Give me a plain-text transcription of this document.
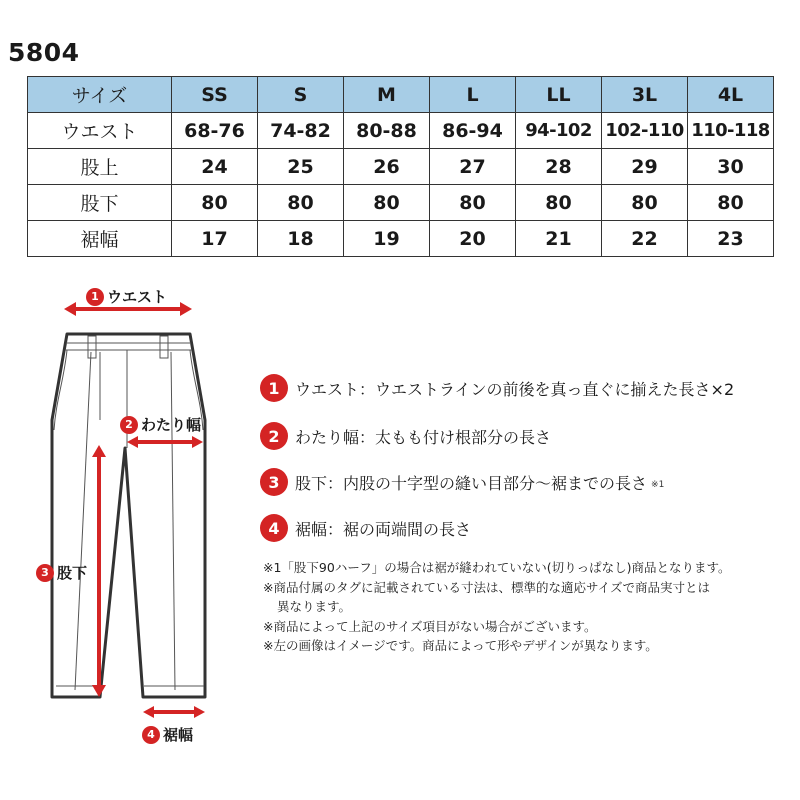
5804
サイズ	SS	S	M	L	LL	3L	4L
ウエスト	68-76	74-82	80-88	86-94	94-102	102-110	110-118
股上	24	25	26	27	28	29	30
股下	80	80	80	80	80	80	80
裾幅	17	18	19	20	21	22	23
1 ウエスト
2 わたり幅
3 股下
4 裾幅
1 ウエスト ：ウエストラインの前後を真っ直ぐに揃えた長さ×2
2 わたり幅 ：太もも付け根部分の長さ
3 股下 ：内股の十字型の縫い目部分〜裾までの長さ ※1
4 裾幅 ：裾の両端間の長さ
※1「股下90ハーフ」の場合は裾が縫われていない(切りっぱなし)商品となります。
※商品付属のタグに記載されている寸法は、標準的な適応サイズで商品実寸とは
異なります。
※商品によって上記のサイズ項目がない場合がございます。
※左の画像はイメージです。商品によって形やデザインが異なります。
